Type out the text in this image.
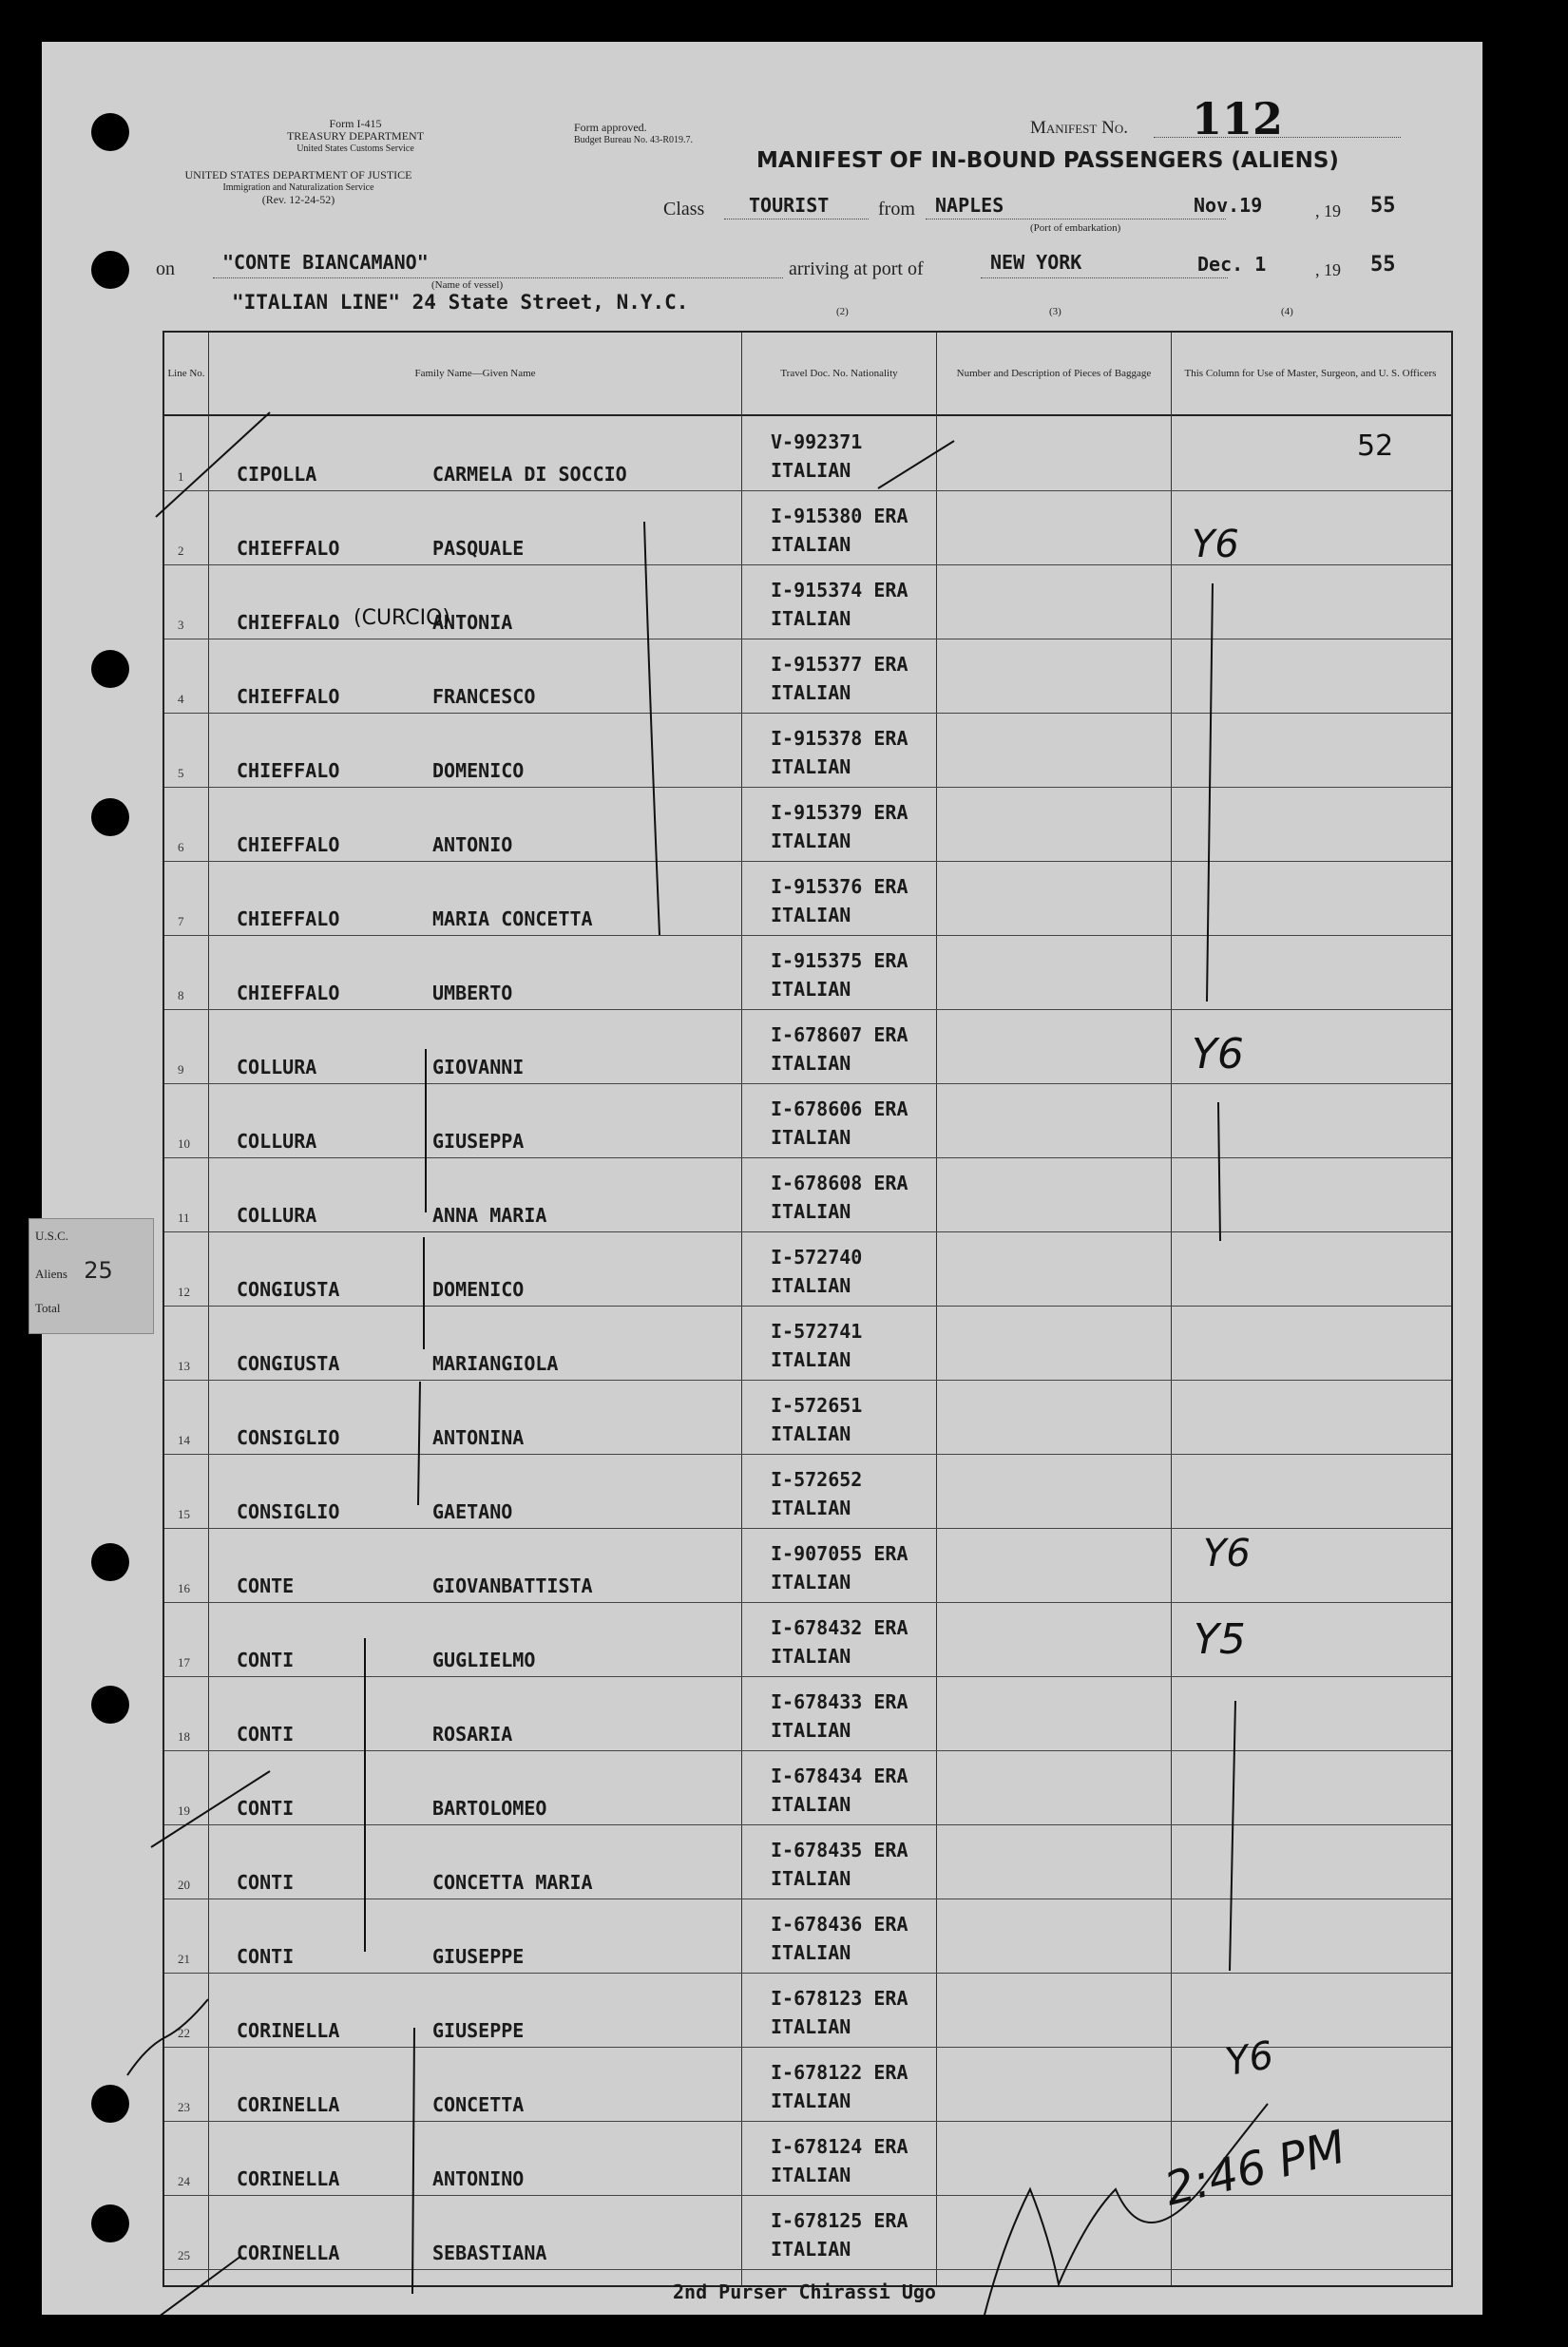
Form I-415
TREASURY DEPARTMENT
United States Customs Service
UNITED STATES DEPARTMENT OF JUSTICE
Immigration and Naturalization Service
(Rev. 12-24-52)
Form approved.
Budget Bureau No. 43-R019.7.
Manifest No. 112
MANIFEST OF IN-BOUND PASSENGERS (ALIENS)
Class TOURIST	from NAPLES	Nov.19	, 19 55
(Port of embarkation)
on	"CONTE BIANCAMANO"
(Name of vessel)
arriving at port of	NEW YORK	Dec. 1	, 19 55
"ITALIAN LINE" 24 State Street, N.Y.C.	(2)	(3)	(4)
Line No.	Family Name—Given Name	Travel Doc. No. Nationality	Number and Description of Pieces of Baggage	This Column for Use of Master, Surgeon, and U. S. Officers
1	CIPOLLA	CARMELA DI SOCCIO
V-992371
ITALIAN
2	CHIEFFALO	PASQUALE
I-915380 ERA
ITALIAN
3	CHIEFFALO	ANTONIA
I-915374 ERA
ITALIAN
4	CHIEFFALO	FRANCESCO
I-915377 ERA
ITALIAN
5	CHIEFFALO	DOMENICO
I-915378 ERA
ITALIAN
6	CHIEFFALO	ANTONIO
I-915379 ERA
ITALIAN
7	CHIEFFALO	MARIA CONCETTA
I-915376 ERA
ITALIAN
8	CHIEFFALO	UMBERTO
I-915375 ERA
ITALIAN
9	COLLURA	GIOVANNI
I-678607 ERA
ITALIAN
10 COLLURA	GIUSEPPA
I-678606 ERA
ITALIAN
11 COLLURA	ANNA MARIA
I-678608 ERA
ITALIAN
12 CONGIUSTA	DOMENICO
I-572740
ITALIAN
13 CONGIUSTA	MARIANGIOLA
I-572741
ITALIAN
14 CONSIGLIO	ANTONINA
I-572651
ITALIAN
15 CONSIGLIO	GAETANO
I-572652
ITALIAN
16 CONTE	GIOVANBATTISTA
I-907055 ERA
ITALIAN
17 CONTI	GUGLIELMO
I-678432 ERA
ITALIAN
18 CONTI	ROSARIA
I-678433 ERA
ITALIAN
19 CONTI	BARTOLOMEO
I-678434 ERA
ITALIAN
20 CONTI	CONCETTA MARIA
I-678435 ERA
ITALIAN
21 CONTI	GIUSEPPE
I-678436 ERA
ITALIAN
22 CORINELLA	GIUSEPPE
I-678123 ERA
ITALIAN
23 CORINELLA	CONCETTA
I-678122 ERA
ITALIAN
24 CORINELLA	ANTONINO
I-678124 ERA
ITALIAN
25 CORINELLA	SEBASTIANA
I-678125 ERA
ITALIAN
U.S.C.
Aliens 25
Total
(CURCIO)
52
Y6
Y6
Y6
Y5
Y6
2:46 PM
2nd Purser Chirassi Ugo
